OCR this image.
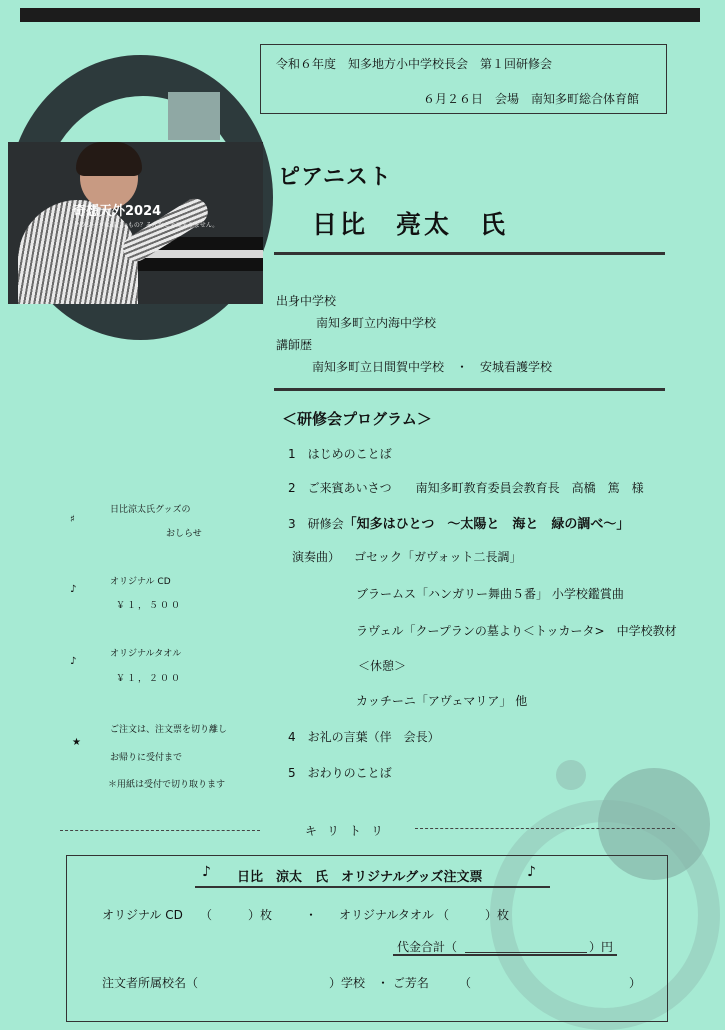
奇想天外2024
クラシックは難しいもの？そんなことはありません。
令和６年度　知多地方小中学校長会　第１回研修会
６月２６日　会場　南知多町総合体育館
ピアニスト
日比　亮太　氏
出身中学校
南知多町立内海中学校
講師歴
南知多町立日間賀中学校　・　安城看護学校
＜研修会プログラム＞
1　 はじめのことば
2　 ご来賓あいさつ　　南知多町教育委員会教育長　高橋　篤　様
3　 研修会「知多はひとつ　～太陽と　海と　緑の調べ～」
演奏曲） ゴセック「ガヴォット二長調」
ブラームス「ハンガリー舞曲５番」 小学校鑑賞曲
ラヴェル「クープランの墓より＜トッカータ>　中学校教材
＜休憩＞
カッチーニ「アヴェマリア」 他
4　 お礼の言葉（伴　会長）
5　 おわりのことば
♯
日比涼太氏グッズの
おしらせ
♪
オリジナル CD
￥１，５００
♪
オリジナルタオル
￥１，２００
★
ご注文は、注文票を切り離し
お帰りに受付まで
＊用紙は受付で切り取ります
キリトリ
♪ 日比　涼太　氏　オリジナルグッズ注文票	♪
オリジナル CD （　　　）枚	・ オリジナルタオル （　　　）枚
代金合計（	）円
注文者所属校名（	）学校 ・ ご芳名	（	）
